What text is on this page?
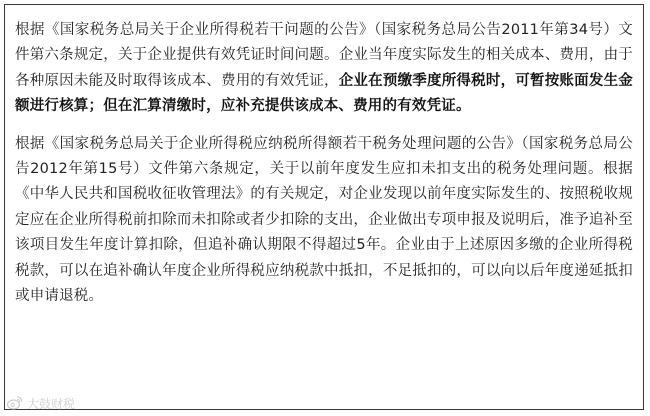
根据《国家税务总局关于企业所得税若干问题的公告》（国家税务总局公告2011年第34号）文件第六条规定，关于企业提供有效凭证时间问题。企业当年度实际发生的相关成本、费用，由于各种原因未能及时取得该成本、费用的有效凭证，企业在预缴季度所得税时，可暂按账面发生金额进行核算；但在汇算清缴时，应补充提供该成本、费用的有效凭证。

根据《国家税务总局关于企业所得税应纳税所得额若干税务处理问题的公告》（国家税务总局公告2012年第15号）文件第六条规定，关于以前年度发生应扣未扣支出的税务处理问题。根据《中华人民共和国税收征收管理法》的有关规定，对企业发现以前年度实际发生的、按照税收规定应在企业所得税前扣除而未扣除或者少扣除的支出，企业做出专项申报及说明后，准予追补至该项目发生年度计算扣除，但追补确认期限不得超过5年。企业由于上述原因多缴的企业所得税税款，可以在追补确认年度企业所得税应纳税款中抵扣，不足抵扣的，可以向以后年度递延抵扣或申请退税。

大鼓财税
